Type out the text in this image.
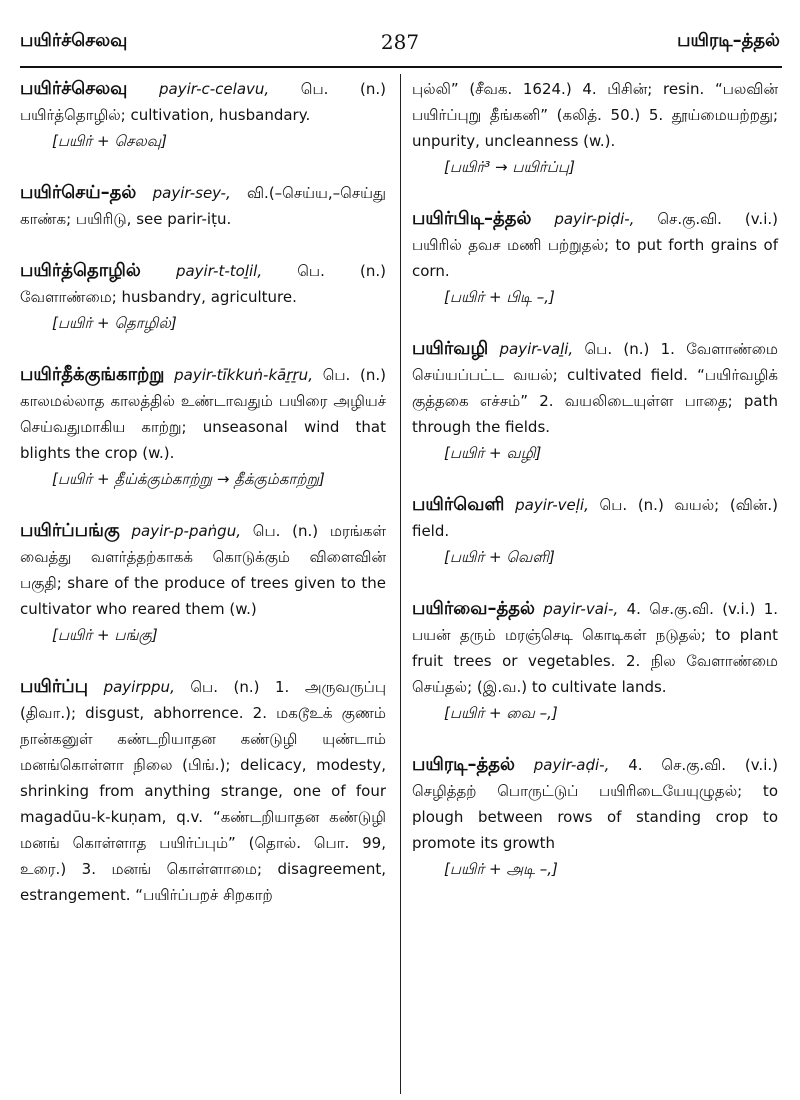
பயிர்ச்செலவு	287	பயிரடி–த்தல்

பயிர்ச்செலவு payir-c-celavu, பெ. (n.) பயிர்த்தொழில்; cultivation, husbandary.

[பயிர் + செலவு]

பயிர்செய்–தல் payir-sey-, வி.(–செய்ய,–செய்து காண்க; பயிரிடு, see parir-iṭu.

பயிர்த்தொழில் payir-t-toḻil, பெ. (n.) வேளாண்மை; husbandry, agriculture.

[பயிர் + தொழில்]

பயிர்தீக்குங்காற்று payir-tīkkuṅ-kāṟṟu, பெ. (n.) காலமல்லாத காலத்தில் உண்டாவதும் பயிரை அழியச் செய்வதுமாகிய காற்று; unseasonal wind that blights the crop (w.).

[பயிர் + தீய்க்கும்காற்று → தீக்கும்காற்று]

பயிர்ப்பங்கு payir-p-paṅgu, பெ. (n.) மரங்கள் வைத்து வளர்த்தற்காகக் கொடுக்கும் விளைவின் பகுதி; share of the produce of trees given to the cultivator who reared them (w.)

[பயிர் + பங்கு]

பயிர்ப்பு payirppu, பெ. (n.) 1. அருவருப்பு (திவா.); disgust, abhorrence. 2. மகடூஉக் குணம் நான்கனுள் கண்டறியாதன கண்டுழி யுண்டாம் மனங்கொள்ளா நிலை (பிங்.); delicacy, modesty, shrinking from anything strange, one of four magadūu-k-kuṇam, q.v. “கண்டறியாதன கண்டுழி மனங் கொள்ளாத பயிர்ப்பும்” (தொல். பொ. 99, உரை.) 3. மனங் கொள்ளாமை; disagreement, estrangement. “பயிர்ப்பறச் சிறகாற்

புல்லி” (சீவக. 1624.) 4. பிசின்; resin. “பலவின் பயிர்ப்புறு தீங்கனி” (கலித். 50.) 5. தூய்மையற்றது; unpurity, uncleanness (w.).

[பயிர்³ → பயிர்ப்பு]

பயிர்பிடி–த்தல் payir-piḍi-, செ.கு.வி. (v.i.) பயிரில் தவச மணி பற்றுதல்; to put forth grains of corn.

[பயிர் + பிடி –,]

பயிர்வழி payir-vaḻi, பெ. (n.) 1. வேளாண்மை செய்யப்பட்ட வயல்; cultivated field. “பயிர்வழிக் குத்தகை எச்சம்” 2. வயலிடையுள்ள பாதை; path through the fields.

[பயிர் + வழி]

பயிர்வெளி payir-veḷi, பெ. (n.) வயல்; (வின்.) field.

[பயிர் + வெளி]

பயிர்வை–த்தல் payir-vai-, 4. செ.கு.வி. (v.i.) 1. பயன் தரும் மரஞ்செடி கொடிகள் நடுதல்; to plant fruit trees or vegetables. 2. நில வேளாண்மை செய்தல்; (இ.வ.) to cultivate lands.

[பயிர் + வை –,]

பயிரடி–த்தல் payir-aḍi-, 4. செ.கு.வி. (v.i.) செழித்தற் பொருட்டுப் பயிரிடையேயுழுதல்; to plough between rows of standing crop to promote its growth

[பயிர் + அடி –,]
